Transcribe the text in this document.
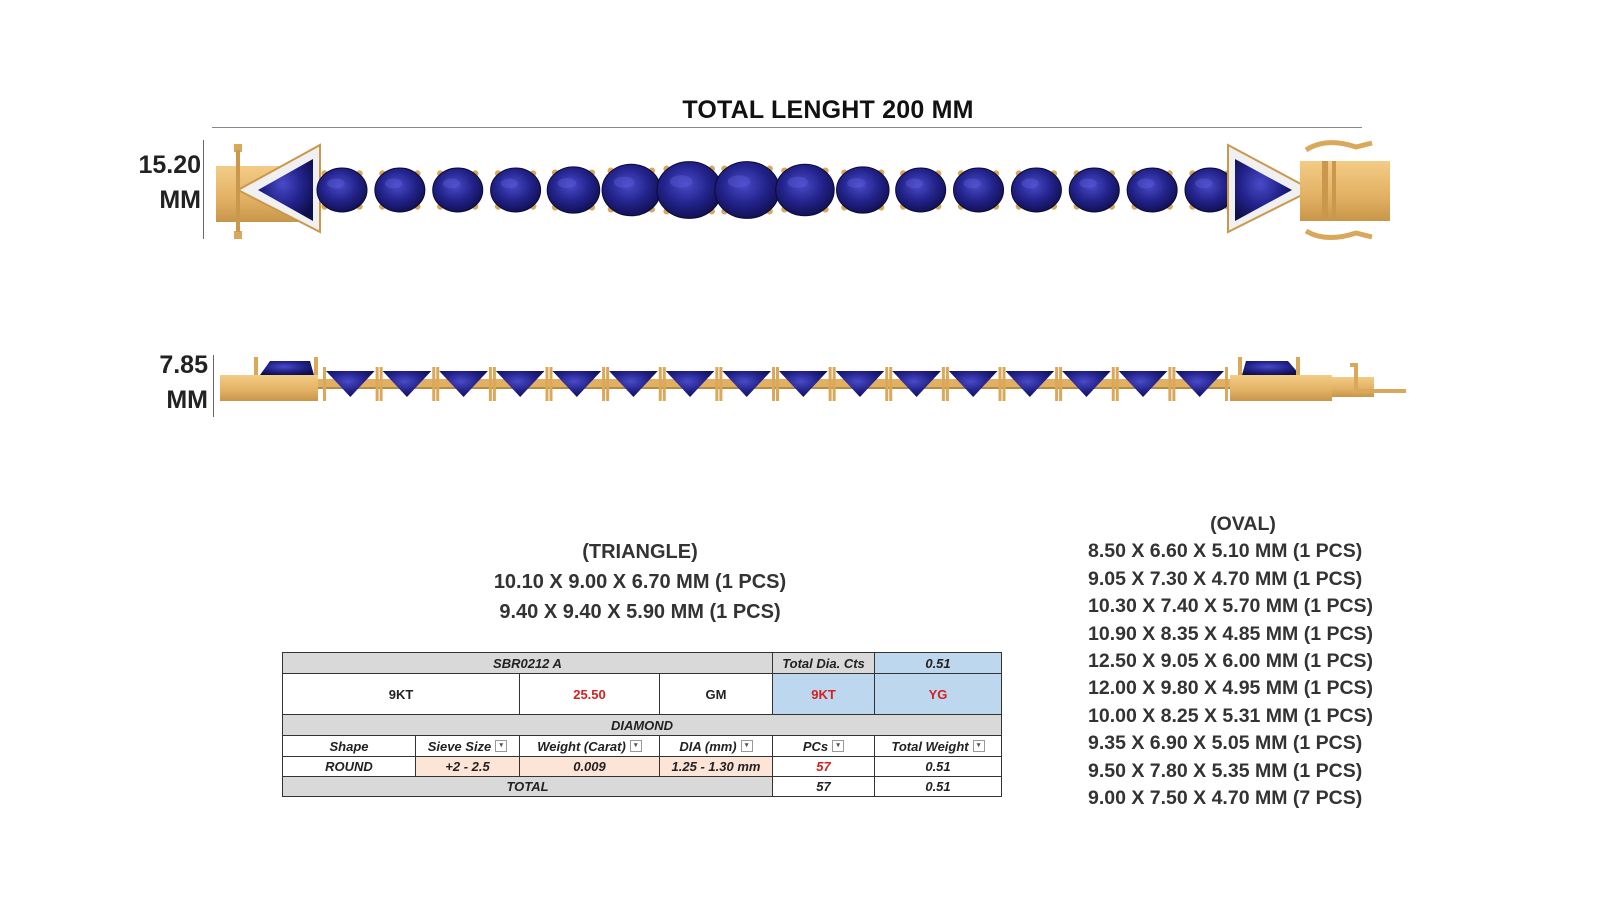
TOTAL LENGHT 200 MM
15.20
MM
7.85
MM
(TRIANGLE)
10.10 X 9.00 X 6.70 MM (1 PCS)
9.40 X 9.40 X 5.90 MM (1 PCS)
(OVAL)
8.50 X 6.60 X 5.10 MM (1 PCS)
9.05 X 7.30 X 4.70 MM (1 PCS)
10.30 X 7.40 X 5.70 MM (1 PCS)
10.90 X 8.35 X 4.85 MM (1 PCS)
12.50 X 9.05 X 6.00 MM (1 PCS)
12.00 X 9.80 X 4.95 MM (1 PCS)
10.00 X 8.25 X 5.31 MM (1 PCS)
9.35 X 6.90 X 5.05 MM (1 PCS)
9.50 X 7.80 X 5.35 MM (1 PCS)
9.00 X 7.50 X 4.70 MM (7 PCS)
SBR0212 A				Total Dia. Cts	0.51
9KT		25.50	GM	9KT	YG
DIAMOND					
Shape	Sieve Size ▾	Weight (Carat) ▾	DIA (mm) ▾	PCs ▾	Total Weight ▾
ROUND	+2 - 2.5	0.009	1.25 - 1.30 mm	57	0.51
TOTAL				57	0.51
